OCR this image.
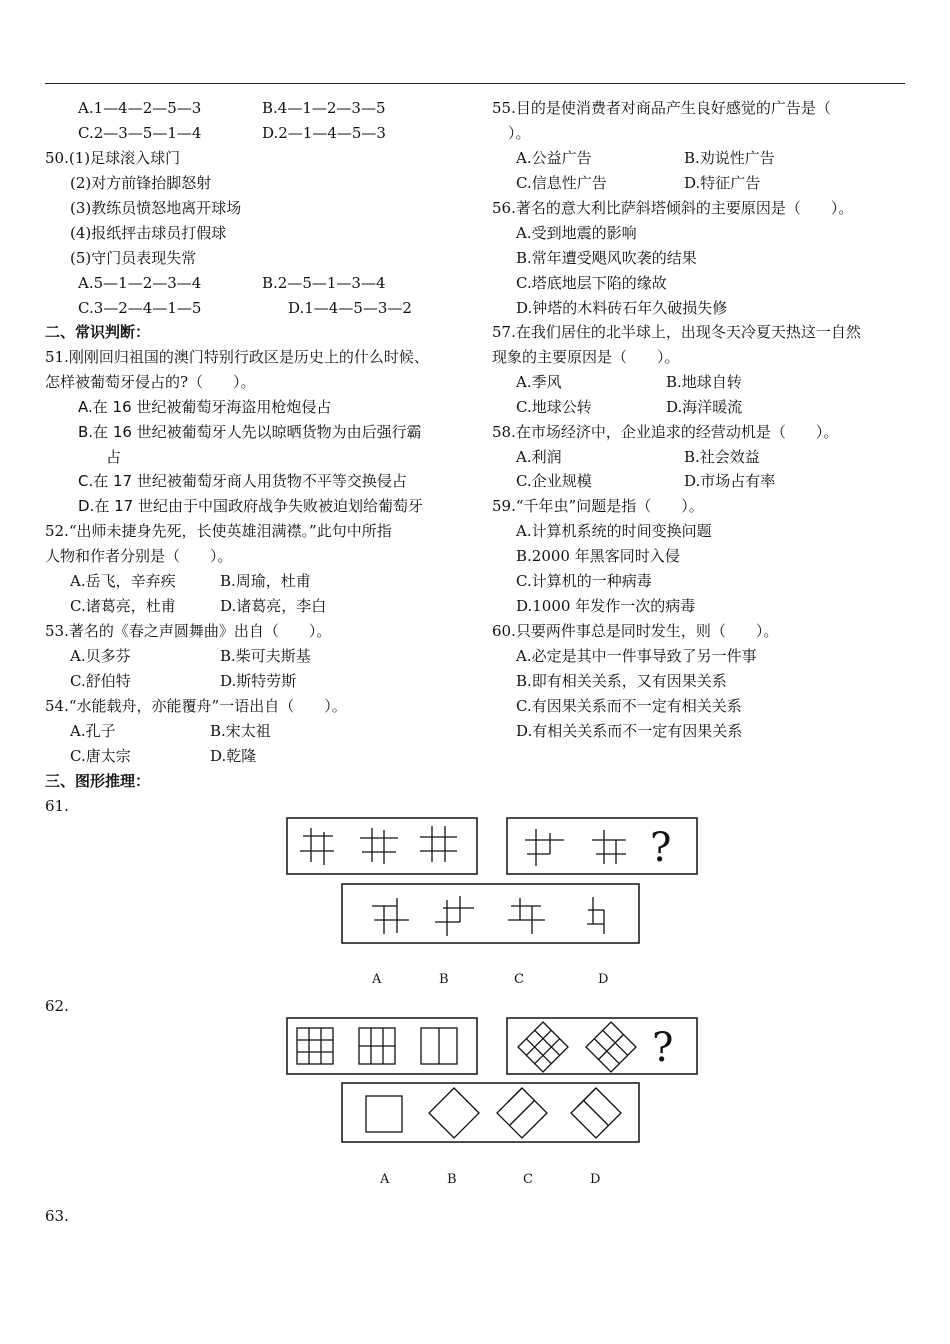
A.1—4—2—5—3	B.4—1—2—3—5
C.2—3—5—1—4	D.2—1—4—5—3
50.(1)足球滚入球门
(2)对方前锋抬脚怒射
(3)教练员愤怒地离开球场
(4)报纸抨击球员打假球
(5)守门员表现失常
A.5—1—2—3—4	B.2—5—1—3—4
C.3—2—4—1—5	D.1—4—5—3—2
二、常识判断：
51.刚刚回归祖国的澳门特别行政区是历史上的什么时候、
怎样被葡萄牙侵占的?（　　）。
A.在 16 世纪被葡萄牙海盗用枪炮侵占
B.在 16 世纪被葡萄牙人先以晾晒货物为由后强行霸
占
C.在 17 世纪被葡萄牙商人用货物不平等交换侵占
D.在 17 世纪由于中国政府战争失败被迫划给葡萄牙
52.“出师未捷身先死，长使英雄泪满襟。”此句中所指
人物和作者分别是（　　）。
A.岳飞，辛弃疾	B.周瑜，杜甫
C.诸葛亮，杜甫	D.诸葛亮，李白
53.著名的《春之声圆舞曲》出自（　　）。
A.贝多芬	B.柴可夫斯基
C.舒伯特	D.斯特劳斯
54.“水能载舟，亦能覆舟”一语出自（　　）。
A.孔子	B.宋太祖
C.唐太宗	D.乾隆
三、图形推理：
61.
62.
63.
55.目的是使消费者对商品产生良好感觉的广告是（
）。
A.公益广告	B.劝说性广告
C.信息性广告	D.特征广告
56.著名的意大利比萨斜塔倾斜的主要原因是（　　）。
A.受到地震的影响
B.常年遭受飓风吹袭的结果
C.塔底地层下陷的缘故
D.钟塔的木料砖石年久破损失修
57.在我们居住的北半球上，出现冬天冷夏天热这一自然
现象的主要原因是（　　）。
A.季风	B.地球自转
C.地球公转	D.海洋暖流
58.在市场经济中，企业追求的经营动机是（　　）。
A.利润	B.社会效益
C.企业规模	D.市场占有率
59.“千年虫”问题是指（　　）。
A.计算机系统的时间变换问题
B.2000 年黑客同时入侵
C.计算机的一种病毒
D.1000 年发作一次的病毒
60.只要两件事总是同时发生，则（　　）。
A.必定是其中一件事导致了另一件事
B.即有相关关系，又有因果关系
C.有因果关系而不一定有相关关系
D.有相关关系而不一定有因果关系
?
A	B	C	D
?
A	B	C	D
